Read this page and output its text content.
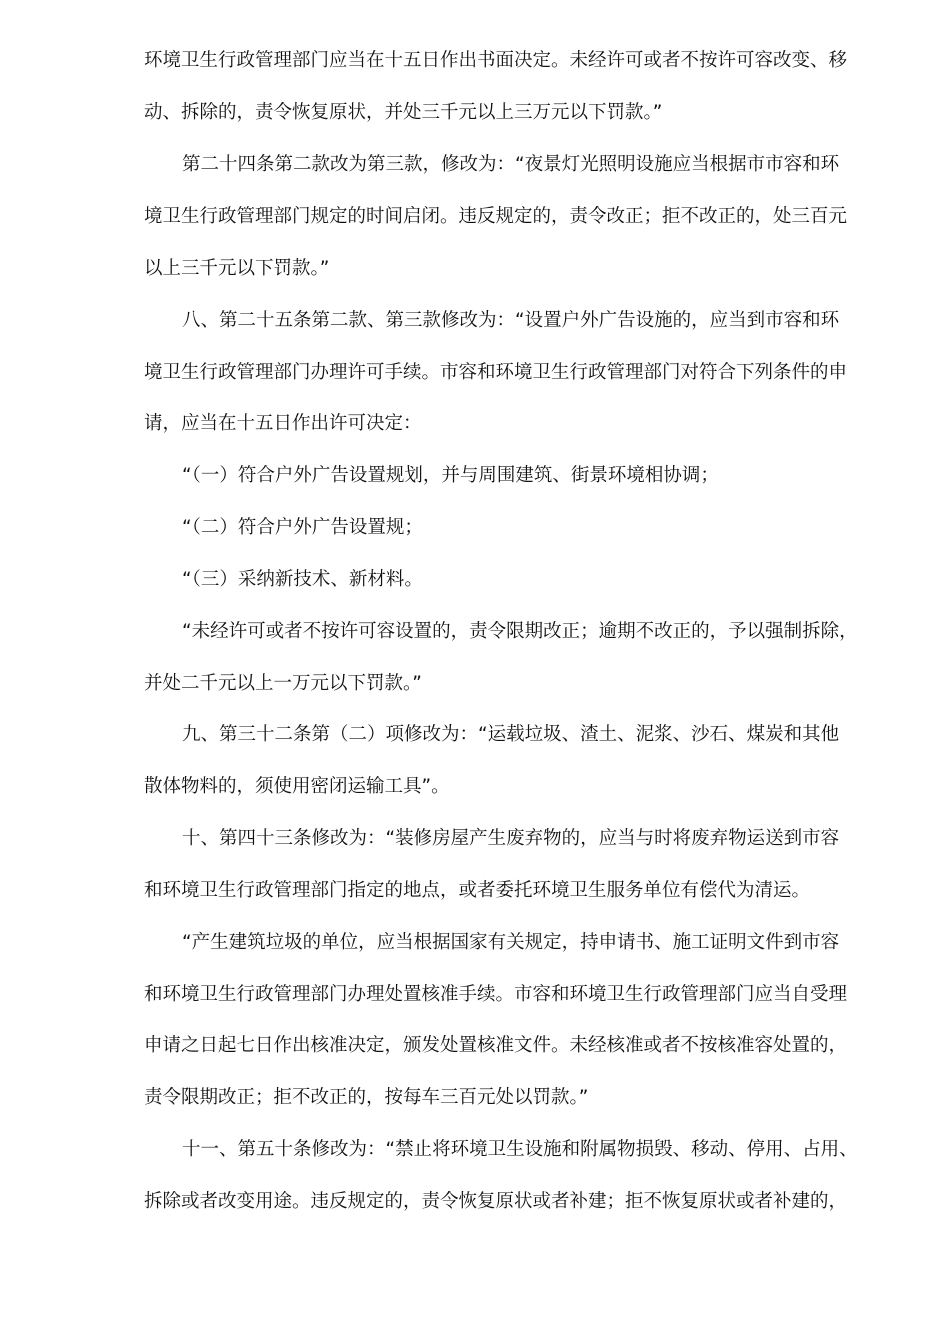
环境卫生行政管理部门应当在十五日作出书面决定。未经许可或者不按许可容改变、移
动、拆除的，责令恢复原状，并处三千元以上三万元以下罚款。”
第二十四条第二款改为第三款，修改为：“夜景灯光照明设施应当根据市市容和环
境卫生行政管理部门规定的时间启闭。违反规定的，责令改正；拒不改正的，处三百元
以上三千元以下罚款。”
八、第二十五条第二款、第三款修改为：“设置户外广告设施的，应当到市容和环
境卫生行政管理部门办理许可手续。市容和环境卫生行政管理部门对符合下列条件的申
请，应当在十五日作出许可决定：
“（一）符合户外广告设置规划，并与周围建筑、街景环境相协调；
“（二）符合户外广告设置规；
“（三）采纳新技术、新材料。
“未经许可或者不按许可容设置的，责令限期改正；逾期不改正的，予以强制拆除，
并处二千元以上一万元以下罚款。”
九、第三十二条第（二）项修改为：“运载垃圾、渣土、泥浆、沙石、煤炭和其他
散体物料的，须使用密闭运输工具”。
十、第四十三条修改为：“装修房屋产生废弃物的，应当与时将废弃物运送到市容
和环境卫生行政管理部门指定的地点，或者委托环境卫生服务单位有偿代为清运。
“产生建筑垃圾的单位，应当根据国家有关规定，持申请书、施工证明文件到市容
和环境卫生行政管理部门办理处置核准手续。市容和环境卫生行政管理部门应当自受理
申请之日起七日作出核准决定，颁发处置核准文件。未经核准或者不按核准容处置的，
责令限期改正；拒不改正的，按每车三百元处以罚款。”
十一、第五十条修改为：“禁止将环境卫生设施和附属物损毁、移动、停用、占用、
拆除或者改变用途。违反规定的，责令恢复原状或者补建；拒不恢复原状或者补建的，
